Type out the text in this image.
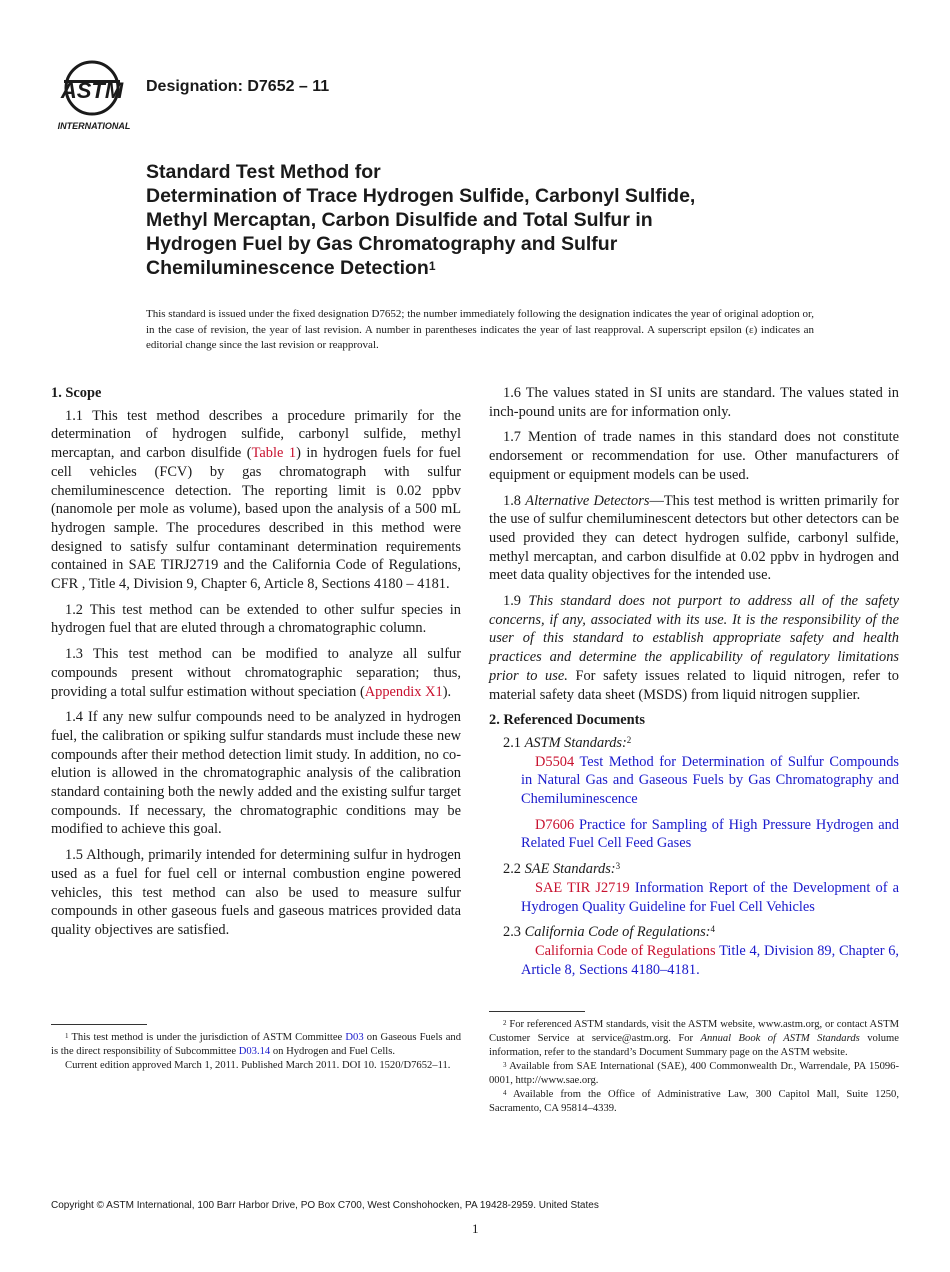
ASTM
INTERNATIONAL
Designation: D7652 – 11
Standard Test Method for
Determination of Trace Hydrogen Sulfide, Carbonyl Sulfide,
Methyl Mercaptan, Carbon Disulfide and Total Sulfur in
Hydrogen Fuel by Gas Chromatography and Sulfur
Chemiluminescence Detection$^1$
This standard is issued under the fixed designation D7652; the number immediately following the designation indicates the year of original adoption or, in the case of revision, the year of last revision. A number in parentheses indicates the year of last reapproval. A superscript epsilon (ε) indicates an editorial change since the last revision or reapproval.
1. Scope

1.1 This test method describes a procedure primarily for the determination of hydrogen sulfide, carbonyl sulfide, methyl mercaptan, and carbon disulfide (Table 1) in hydrogen fuels for fuel cell vehicles (FCV) by gas chromatograph with sulfur chemiluminescence detection. The reporting limit is 0.02 ppbv (nanomole per mole as volume), based upon the analysis of a 500 mL hydrogen sample. The procedures described in this method were designed to satisfy sulfur contaminant determination requirements contained in SAE TIRJ2719 and the California Code of Regulations, CFR , Title 4, Division 9, Chapter 6, Article 8, Sections 4180 – 4181.

1.2 This test method can be extended to other sulfur species in hydrogen fuel that are eluted through a chromatographic column.

1.3 This test method can be modified to analyze all sulfur compounds present without chromatographic separation; thus, providing a total sulfur estimation without speciation (Appendix X1).

1.4 If any new sulfur compounds need to be analyzed in hydrogen fuel, the calibration or spiking sulfur standards must include these new compounds after their method detection limit study. In addition, no co-elution is allowed in the chromatographic analysis of the calibration standard containing both the newly added and the existing sulfur target compounds. If necessary, the chromatographic conditions may be modified to achieve this goal.

1.5 Although, primarily intended for determining sulfur in hydrogen used as a fuel for fuel cell or internal combustion engine powered vehicles, this test method can also be used to measure sulfur compounds in other gaseous fuels and gaseous matrices provided data quality objectives are satisfied.

1.6 The values stated in SI units are standard. The values stated in inch-pound units are for information only.

1.7 Mention of trade names in this standard does not constitute endorsement or recommendation for use. Other manufacturers of equipment or equipment models can be used.

1.8 Alternative Detectors—This test method is written primarily for the use of sulfur chemiluminescent detectors but other detectors can be used provided they can detect hydrogen sulfide, carbonyl sulfide, methyl mercaptan, and carbon disulfide at 0.02 ppbv in hydrogen and meet data quality objectives for the intended use.

1.9 This standard does not purport to address all of the safety concerns, if any, associated with its use. It is the responsibility of the user of this standard to establish appropriate safety and health practices and determine the applicability of regulatory limitations prior to use. For safety issues related to liquid nitrogen, refer to material safety data sheet (MSDS) from liquid nitrogen supplier.

2. Referenced Documents

2.1 ASTM Standards:$^2$

D5504 Test Method for Determination of Sulfur Compounds in Natural Gas and Gaseous Fuels by Gas Chromatography and Chemiluminescence

D7606 Practice for Sampling of High Pressure Hydrogen and Related Fuel Cell Feed Gases

2.2 SAE Standards:$^3$

SAE TIR J2719 Information Report of the Development of a Hydrogen Quality Guideline for Fuel Cell Vehicles

2.3 California Code of Regulations:$^4$

California Code of Regulations Title 4, Division 89, Chapter 6, Article 8, Sections 4180–4181.

$^1$ This test method is under the jurisdiction of ASTM Committee D03 on Gaseous Fuels and is the direct responsibility of Subcommittee D03.14 on Hydrogen and Fuel Cells.

Current edition approved March 1, 2011. Published March 2011. DOI 10. 1520/D7652–11.

$^2$ For referenced ASTM standards, visit the ASTM website, www.astm.org, or contact ASTM Customer Service at service@astm.org. For Annual Book of ASTM Standards volume information, refer to the standard’s Document Summary page on the ASTM website.

$^3$ Available from SAE International (SAE), 400 Commonwealth Dr., Warrendale, PA 15096-0001, http://www.sae.org.

$^4$ Available from the Office of Administrative Law, 300 Capitol Mall, Suite 1250, Sacramento, CA 95814–4339.

Copyright © ASTM International, 100 Barr Harbor Drive, PO Box C700, West Conshohocken, PA 19428-2959. United States
1
